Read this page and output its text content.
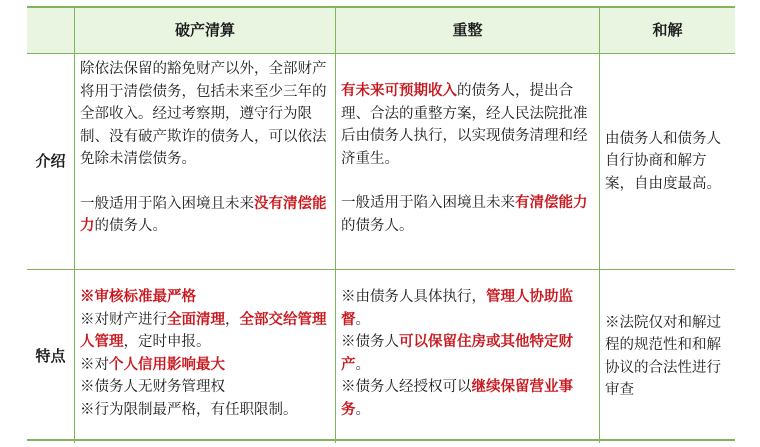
破产清算	重整	和解
介绍

除依法保留的豁免财产以外，全部财产将用于清偿债务，包括未来至少三年的全部收入。经过考察期，遵守行为限制、没有破产欺诈的债务人，可以依法免除未清偿债务。

一般适用于陷入困境且未来没有清偿能力的债务人。

有未来可预期收入的债务人，提出合理、合法的重整方案，经人民法院批准后由债务人执行，以实现债务清理和经济重生。

一般适用于陷入困境且未来有清偿能力的债务人。

由债务人和债务人自行协商和解方案，自由度最高。

特点

※审核标准最严格

※对财产进行全面清理，全部交给管理人管理，定时申报。

※对个人信用影响最大

※债务人无财务管理权

※行为限制最严格，有任职限制。

※由债务人具体执行，管理人协助监督。

※债务人可以保留住房或其他特定财产。

※债务人经授权可以继续保留营业事务。

※法院仅对和解过程的规范性和和解协议的合法性进行审查
